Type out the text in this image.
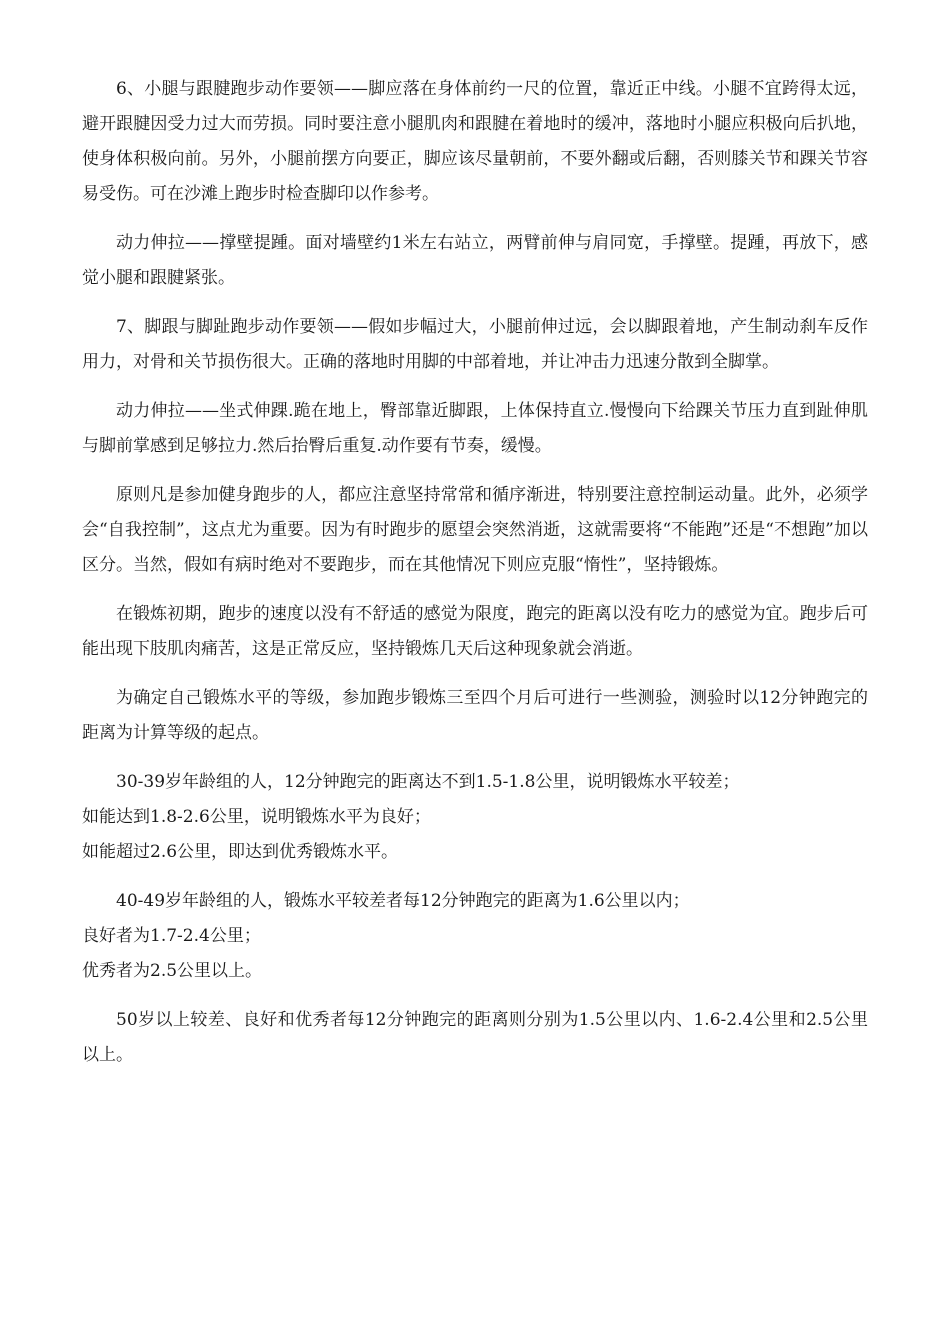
6、小腿与跟腱跑步动作要领——脚应落在身体前约一尺的位置，靠近正中线。小腿不宜跨得太远，避开跟腱因受力过大而劳损。同时要注意小腿肌肉和跟腱在着地时的缓冲，落地时小腿应积极向后扒地，使身体积极向前。另外，小腿前摆方向要正，脚应该尽量朝前，不要外翻或后翻，否则膝关节和踝关节容易受伤。可在沙滩上跑步时检查脚印以作参考。

动力伸拉——撑壁提踵。面对墙壁约1米左右站立，两臂前伸与肩同宽，手撑壁。提踵，再放下，感觉小腿和跟腱紧张。

7、脚跟与脚趾跑步动作要领——假如步幅过大，小腿前伸过远，会以脚跟着地，产生制动刹车反作用力，对骨和关节损伤很大。正确的落地时用脚的中部着地，并让冲击力迅速分散到全脚掌。

动力伸拉——坐式伸踝.跪在地上，臀部靠近脚跟，上体保持直立.慢慢向下给踝关节压力直到趾伸肌与脚前掌感到足够拉力.然后抬臀后重复.动作要有节奏，缓慢。

原则凡是参加健身跑步的人，都应注意坚持常常和循序渐进，特别要注意控制运动量。此外，必须学会“自我控制”，这点尤为重要。因为有时跑步的愿望会突然消逝，这就需要将“不能跑”还是“不想跑”加以区分。当然，假如有病时绝对不要跑步，而在其他情况下则应克服“惰性”，坚持锻炼。

在锻炼初期，跑步的速度以没有不舒适的感觉为限度，跑完的距离以没有吃力的感觉为宜。跑步后可能出现下肢肌肉痛苦，这是正常反应，坚持锻炼几天后这种现象就会消逝。

为确定自己锻炼水平的等级，参加跑步锻炼三至四个月后可进行一些测验，测验时以12分钟跑完的距离为计算等级的起点。

30-39岁年龄组的人，12分钟跑完的距离达不到1.5-1.8公里，说明锻炼水平较差；

如能达到1.8-2.6公里，说明锻炼水平为良好；

如能超过2.6公里，即达到优秀锻炼水平。

40-49岁年龄组的人，锻炼水平较差者每12分钟跑完的距离为1.6公里以内；

良好者为1.7-2.4公里；

优秀者为2.5公里以上。

50岁以上较差、良好和优秀者每12分钟跑完的距离则分别为1.5公里以内、1.6-2.4公里和2.5公里以上。
